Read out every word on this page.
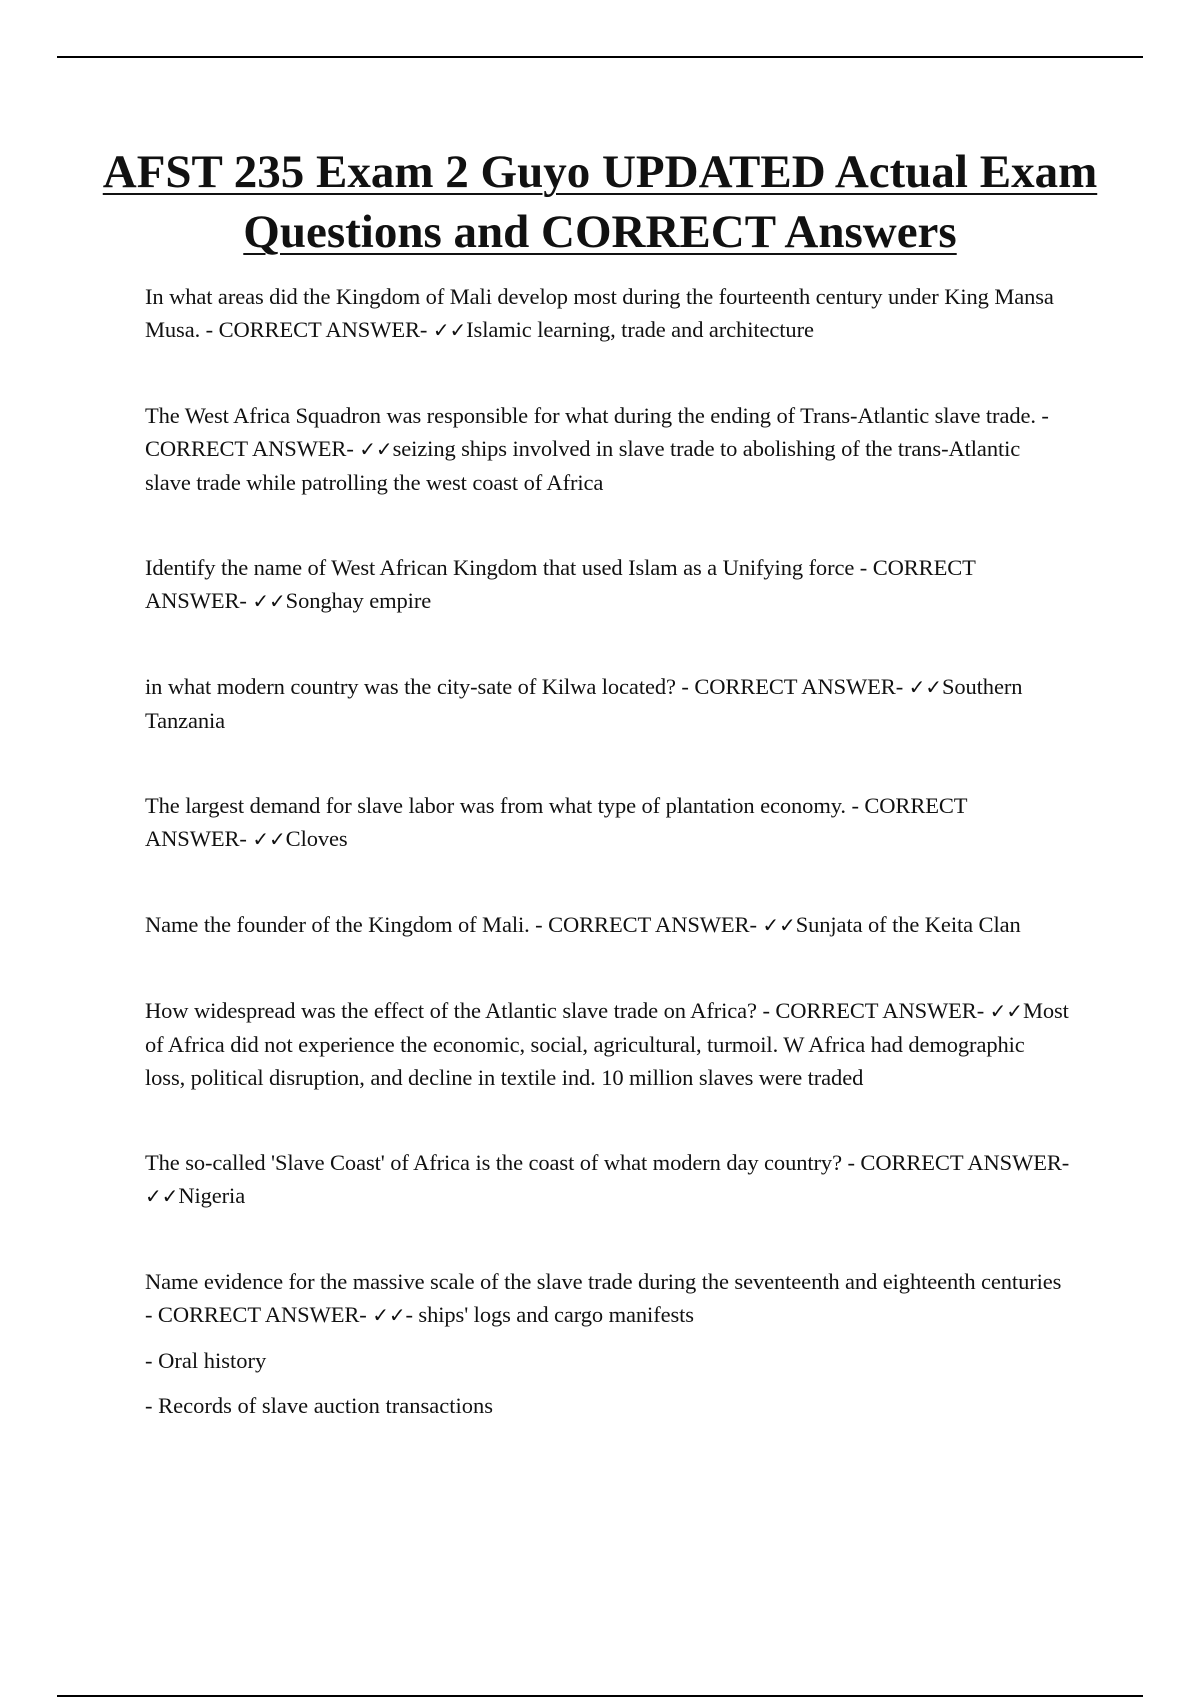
AFST 235 Exam 2 Guyo UPDATED Actual Exam Questions and CORRECT Answers

In what areas did the Kingdom of Mali develop most during the fourteenth century under King Mansa Musa. - CORRECT ANSWER- ✓✓Islamic learning, trade and architecture

The West Africa Squadron was responsible for what during the ending of Trans-Atlantic slave trade. - CORRECT ANSWER- ✓✓seizing ships involved in slave trade to abolishing of the trans-Atlantic slave trade while patrolling the west coast of Africa

Identify the name of West African Kingdom that used Islam as a Unifying force - CORRECT ANSWER- ✓✓Songhay empire

in what modern country was the city-sate of Kilwa located? - CORRECT ANSWER- ✓✓Southern Tanzania

The largest demand for slave labor was from what type of plantation economy. - CORRECT ANSWER- ✓✓Cloves

Name the founder of the Kingdom of Mali. - CORRECT ANSWER- ✓✓Sunjata of the Keita Clan

How widespread was the effect of the Atlantic slave trade on Africa? - CORRECT ANSWER- ✓✓Most of Africa did not experience the economic, social, agricultural, turmoil. W Africa had demographic loss, political disruption, and decline in textile ind. 10 million slaves were traded

The so-called 'Slave Coast' of Africa is the coast of what modern day country? - CORRECT ANSWER- ✓✓Nigeria

Name evidence for the massive scale of the slave trade during the seventeenth and eighteenth centuries - CORRECT ANSWER- ✓✓- ships' logs and cargo manifests

- Oral history

- Records of slave auction transactions
